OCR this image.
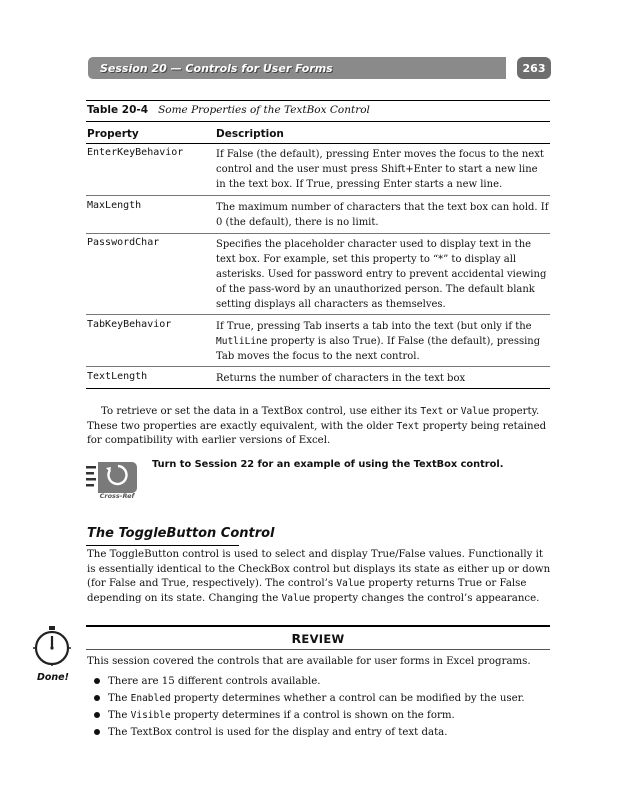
Session 20 — Controls for User Forms	263
Table 20-4 Some Properties of the TextBox Control
Property	Description
EnterKeyBehavior	If False (the default), pressing Enter moves the focus to the next control and the user must press Shift+Enter to start a new line in the text box. If True, pressing Enter starts a new line.
MaxLength	The maximum number of characters that the text box can hold. If 0 (the default), there is no limit.
PasswordChar	Specifies the placeholder character used to display text in the text box. For example, set this property to “*” to display all asterisks. Used for password entry to prevent accidental viewing of the pass-word by an unauthorized person. The default blank setting displays all characters as themselves.
TabKeyBehavior	If True, pressing Tab inserts a tab into the text (but only if the MutliLine property is also True). If False (the default), pressing Tab moves the focus to the next control.
TextLength	Returns the number of characters in the text box
To retrieve or set the data in a TextBox control, use either its Text or Value property. These two properties are exactly equivalent, with the older Text property being retained for compatibility with earlier versions of Excel.
Cross-Ref
Turn to Session 22 for an example of using the TextBox control.
The ToggleButton Control
The ToggleButton control is used to select and display True/False values. Functionally it is essentially identical to the CheckBox control but displays its state as either up or down (for False and True, respectively). The control’s Value property returns True or False depending on its state. Changing the Value property changes the control’s appearance.
Done!
REVIEW
This session covered the controls that are available for user forms in Excel programs.
There are 15 different controls available.
The Enabled property determines whether a control can be modified by the user.
The Visible property determines if a control is shown on the form.
The TextBox control is used for the display and entry of text data.
